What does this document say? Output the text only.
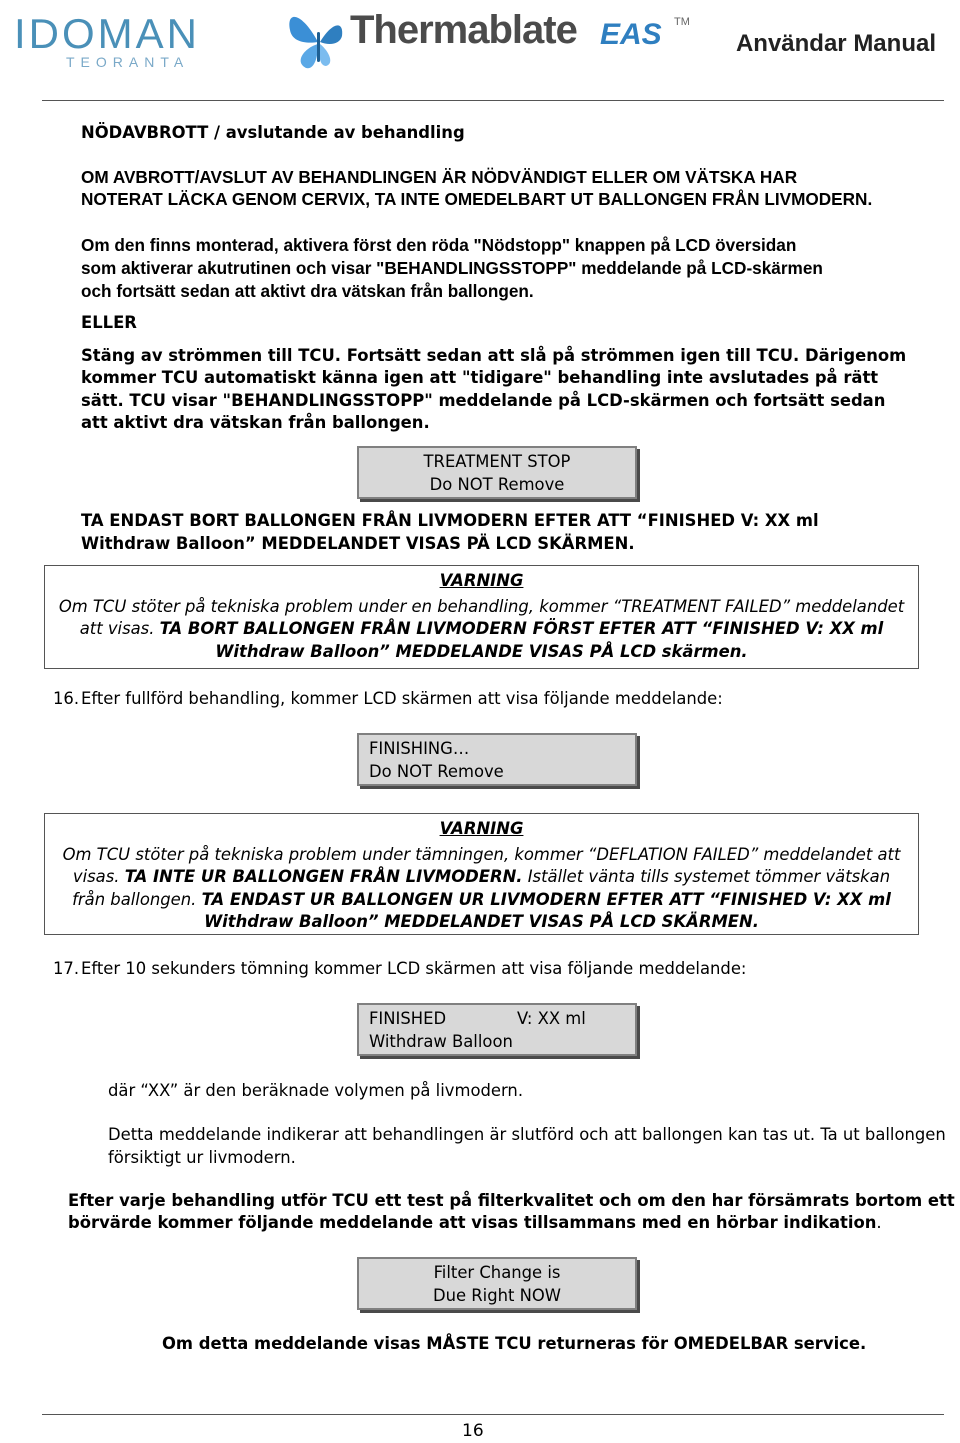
IDOMAN
TEORANTA
Thermablate EAS TM
Användar Manual
NÖDAVBROTT / avslutande av behandling
OM AVBROTT/AVSLUT AV BEHANDLINGEN ÄR NÖDVÄNDIGT ELLER OM VÄTSKA HAR
NOTERAT LÄCKA GENOM CERVIX, TA INTE OMEDELBART UT BALLONGEN FRÅN LIVMODERN.
Om den finns monterad, aktivera först den röda "Nödstopp" knappen på LCD översidan
som aktiverar akutrutinen och visar "BEHANDLINGSSTOPP" meddelande på LCD-skärmen
och fortsätt sedan att aktivt dra vätskan från ballongen.
ELLER
Stäng av strömmen till TCU. Fortsätt sedan att slå på strömmen igen till TCU. Därigenom
kommer TCU automatiskt känna igen att "tidigare" behandling inte avslutades på rätt
sätt. TCU visar "BEHANDLINGSSTOPP" meddelande på LCD-skärmen och fortsätt sedan
att aktivt dra vätskan från ballongen.
TREATMENT STOP
Do NOT Remove
TA ENDAST BORT BALLONGEN FRÅN LIVMODERN EFTER ATT “FINISHED V: XX ml
Withdraw Balloon” MEDDELANDET VISAS PÄ LCD SKÄRMEN.
VARNING
Om TCU stöter på tekniska problem under en behandling, kommer “TREATMENT FAILED” meddelandet
att visas. TA BORT BALLONGEN FRÅN LIVMODERN FÖRST EFTER ATT “FINISHED V: XX ml
Withdraw Balloon” MEDDELANDE VISAS PÅ LCD skärmen.
16. Efter fullförd behandling, kommer LCD skärmen att visa följande meddelande:
FINISHING…
Do NOT Remove
VARNING
Om TCU stöter på tekniska problem under tämningen, kommer “DEFLATION FAILED” meddelandet att
visas. TA INTE UR BALLONGEN FRÅN LIVMODERN. Istället vänta tills systemet tömmer vätskan
från ballongen. TA ENDAST UR BALLONGEN UR LIVMODERN EFTER ATT “FINISHED V: XX ml
Withdraw Balloon” MEDDELANDET VISAS PÅ LCD SKÄRMEN.
17. Efter 10 sekunders tömning kommer LCD skärmen att visa följande meddelande:
FINISHED	V: XX ml
Withdraw Balloon
där “XX” är den beräknade volymen på livmodern.
Detta meddelande indikerar att behandlingen är slutförd och att ballongen kan tas ut. Ta ut ballongen
försiktigt ur livmodern.
Efter varje behandling utför TCU ett test på filterkvalitet och om den har försämrats bortom ett
börvärde kommer följande meddelande att visas tillsammans med en hörbar indikation.
Filter Change is
Due Right NOW
Om detta meddelande visas MÅSTE TCU returneras för OMEDELBAR service.
16
